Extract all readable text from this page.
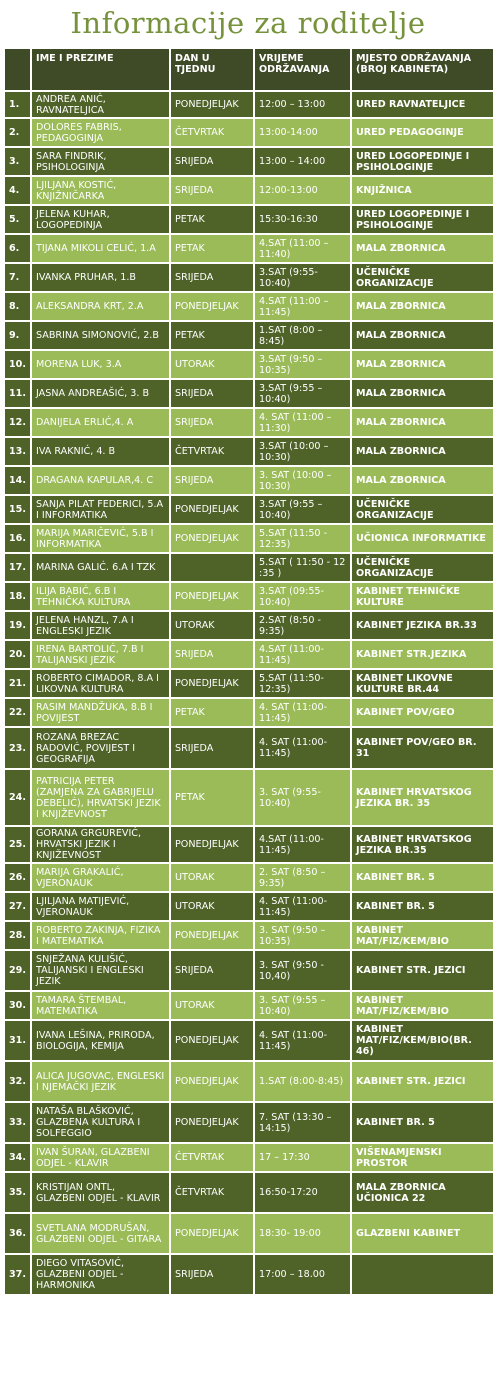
Informacije za roditelje
	IME I PREZIME	DAN U TJEDNU	VRIJEME ODRŽAVANJA	MJESTO ODRŽAVANJA (BROJ KABINETA)
1.	ANDREA ANIĆ, RAVNATELJICA	PONEDJELJAK	12:00 – 13:00	URED RAVNATELJICE
2.	DOLORES FABRIS, PEDAGOGINJA	ČETVRTAK	13:00-14:00	URED PEDAGOGINJE
3.	SARA FINDRIK, PSIHOLOGINJA	SRIJEDA	13:00 – 14:00	URED LOGOPEDINJE I PSIHOLOGINJE
4.	LJILJANA KOSTIĆ, KNJIŽNIČARKA	SRIJEDA	12:00-13:00	KNJIŽNICA
5.	JELENA KUHAR, LOGOPEDINJA	PETAK	15:30-16:30	URED LOGOPEDINJE I PSIHOLOGINJE
6.	TIJANA MIKOLI CELIĆ, 1.A	PETAK	4.SAT (11:00 – 11:40)	MALA ZBORNICA
7.	IVANKA PRUHAR, 1.B	SRIJEDA	3.SAT (9:55-10:40)	UČENIČKE ORGANIZACIJE
8.	ALEKSANDRA KRT, 2.A	PONEDJELJAK	4.SAT (11:00 – 11:45)	MALA ZBORNICA
9.	SABRINA SIMONOVIĆ, 2.B	PETAK	1.SAT (8:00 – 8:45)	MALA ZBORNICA
10.	MORENA LUK, 3.A	UTORAK	3.SAT (9:50 – 10:35)	MALA ZBORNICA
11.	JASNA ANDREAŠIĆ, 3. B	SRIJEDA	3.SAT (9:55 – 10:40)	MALA ZBORNICA
12.	DANIJELA ERLIĆ,4. A	SRIJEDA	4. SAT (11:00 – 11:30)	MALA ZBORNICA
13.	IVA RAKNIĆ, 4. B	ČETVRTAK	3.SAT (10:00 – 10:30)	MALA ZBORNICA
14.	DRAGANA KAPULAR,4. C	SRIJEDA	3. SAT (10:00 – 10:30)	MALA ZBORNICA
15.	SANJA PILAT FEDERICI, 5.A I INFORMATIKA	PONEDJELJAK	3.SAT (9:55 – 10:40)	UČENIČKE ORGANIZACIJE
16.	MARIJA MARIČEVIĆ, 5.B I INFORMATIKA	PONEDJELJAK	5.SAT (11:50 - 12:35)	UČIONICA INFORMATIKE
17.	MARINA GALIĆ. 6.A I TZK		5.SAT ( 11:50 - 12 :35 )	UČENIČKE ORGANIZACIJE
18.	ILIJA BABIĆ, 6.B I TEHNIČKA KULTURA	PONEDJELJAK	3.SAT (09:55- 10:40)	KABINET TEHNIČKE KULTURE
19.	JELENA HANZL, 7.A I ENGLESKI JEZIK	UTORAK	2.SAT (8:50 - 9:35)	KABINET JEZIKA BR.33
20.	IRENA BARTOLIĆ, 7.B I TALIJANSKI JEZIK	SRIJEDA	4.SAT (11:00-11:45)	KABINET STR.JEZIKA
21.	ROBERTO CIMADOR, 8.A I LIKOVNA KULTURA	PONEDJELJAK	5.SAT (11:50-12:35)	KABINET LIKOVNE KULTURE BR.44
22.	RASIM MANDŽUKA, 8.B I POVIJEST	PETAK	4. SAT (11:00-11:45)	KABINET POV/GEO
23.	ROZANA BREZAC RADOVIĆ, POVIJEST I GEOGRAFIJA	SRIJEDA	4. SAT (11:00-11:45)	KABINET POV/GEO BR. 31
24.	PATRICIJA PETER (ZAMJENA ZA GABRIJELU DEBELIĆ), HRVATSKI JEZIK I KNJIŽEVNOST	PETAK	3. SAT (9:55-10:40)	KABINET HRVATSKOG JEZIKA BR. 35
25.	GORANA GRGUREVIĆ, HRVATSKI JEZIK I KNJIŽEVNOST	PONEDJELJAK	4.SAT (11:00-11:45)	KABINET HRVATSKOG JEZIKA BR.35
26.	MARIJA GRAKALIĆ, VJERONAUK	UTORAK	2. SAT (8:50 – 9:35)	KABINET BR. 5
27.	LJILJANA MATIJEVIĆ, VJERONAUK	UTORAK	4. SAT (11:00-11:45)	KABINET BR. 5
28.	ROBERTO ZAKINJA, FIZIKA I MATEMATIKA	PONEDJELJAK	3. SAT (9:50 – 10:35)	KABINET MAT/FIZ/KEM/BIO
29.	SNJEŽANA KULIŠIĆ, TALIJANSKI I ENGLESKI JEZIK	SRIJEDA	3. SAT (9:50 - 10,40)	KABINET STR. JEZICI
30.	TAMARA ŠTEMBAL, MATEMATIKA	UTORAK	3. SAT (9:55 – 10:40)	KABINET MAT/FIZ/KEM/BIO
31.	IVANA LEŠINA, PRIRODA, BIOLOGIJA, KEMIJA	PONEDJELJAK	4. SAT (11:00-11:45)	KABINET MAT/FIZ/KEM/BIO(BR. 46)
32.	ALICA JUGOVAC, ENGLESKI I NJEMAČKI JEZIK	PONEDJELJAK	1.SAT (8:00-8:45)	KABINET STR. JEZICI
33.	NATAŠA BLAŠKOVIĆ, GLAZBENA KULTURA I SOLFEGGIO	PONEDJELJAK	7. SAT (13:30 – 14:15)	KABINET BR. 5
34.	IVAN ŠURAN, GLAZBENI ODJEL - KLAVIR	ČETVRTAK	17 – 17:30	VIŠENAMJENSKI PROSTOR
35.	KRISTIJAN ONTL, GLAZBENI ODJEL - KLAVIR	ČETVRTAK	16:50-17:20	MALA ZBORNICA UČIONICA 22
36.	SVETLANA MODRUŠAN, GLAZBENI ODJEL - GITARA	PONEDJELJAK	18:30- 19:00	GLAZBENI KABINET
37.	DIEGO VITASOVIĆ, GLAZBENI ODJEL - HARMONIKA	SRIJEDA	17:00 – 18.00	
